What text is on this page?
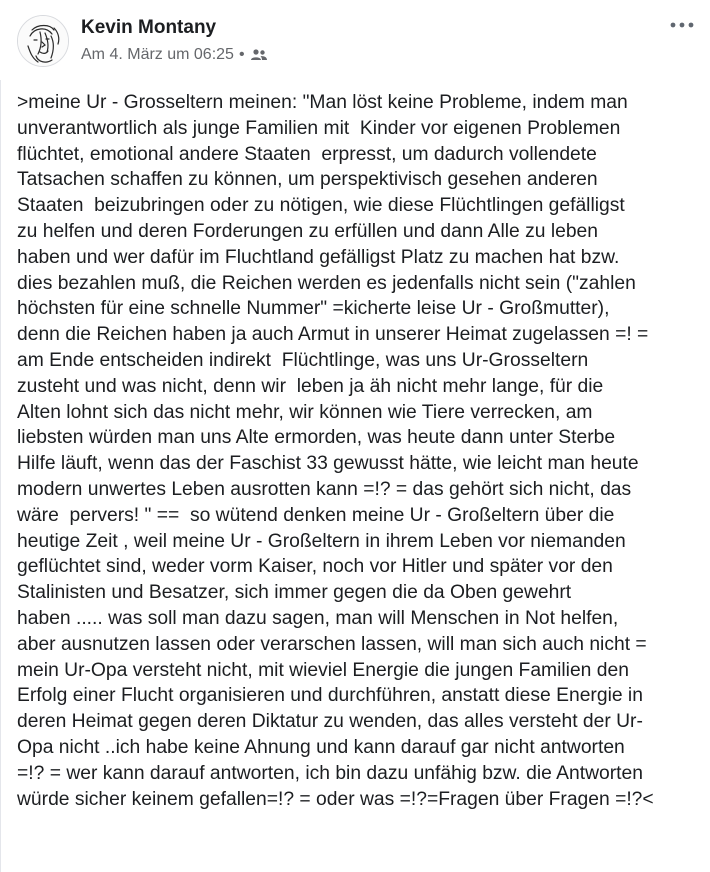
Kevin Montany
Am 4. März um 06:25 •
>meine Ur - Grosseltern meinen: "Man löst keine Probleme, indem man
unverantwortlich als junge Familien mit  Kinder vor eigenen Problemen
flüchtet, emotional andere Staaten  erpresst, um dadurch vollendete
Tatsachen schaffen zu können, um perspektivisch gesehen anderen
Staaten  beizubringen oder zu nötigen, wie diese Flüchtlingen gefälligst
zu helfen und deren Forderungen zu erfüllen und dann Alle zu leben
haben und wer dafür im Fluchtland gefälligst Platz zu machen hat bzw.
dies bezahlen muß, die Reichen werden es jedenfalls nicht sein ("zahlen
höchsten für eine schnelle Nummer" =kicherte leise Ur - Großmutter),
denn die Reichen haben ja auch Armut in unserer Heimat zugelassen =! =
am Ende entscheiden indirekt  Flüchtlinge, was uns Ur-Grosseltern
zusteht und was nicht, denn wir  leben ja äh nicht mehr lange, für die
Alten lohnt sich das nicht mehr, wir können wie Tiere verrecken, am
liebsten würden man uns Alte ermorden, was heute dann unter Sterbe
Hilfe läuft, wenn das der Faschist 33 gewusst hätte, wie leicht man heute
modern unwertes Leben ausrotten kann =!? = das gehört sich nicht, das
wäre  pervers! " ==  so wütend denken meine Ur - Großeltern über die
heutige Zeit , weil meine Ur - Großeltern in ihrem Leben vor niemanden
geflüchtet sind, weder vorm Kaiser, noch vor Hitler und später vor den
Stalinisten und Besatzer, sich immer gegen die da Oben gewehrt
haben ..... was soll man dazu sagen, man will Menschen in Not helfen,
aber ausnutzen lassen oder verarschen lassen, will man sich auch nicht =
mein Ur-Opa versteht nicht, mit wieviel Energie die jungen Familien den
Erfolg einer Flucht organisieren und durchführen, anstatt diese Energie in
deren Heimat gegen deren Diktatur zu wenden, das alles versteht der Ur-
Opa nicht ..ich habe keine Ahnung und kann darauf gar nicht antworten
=!? = wer kann darauf antworten, ich bin dazu unfähig bzw. die Antworten
würde sicher keinem gefallen=!? = oder was =!?=Fragen über Fragen =!?<
